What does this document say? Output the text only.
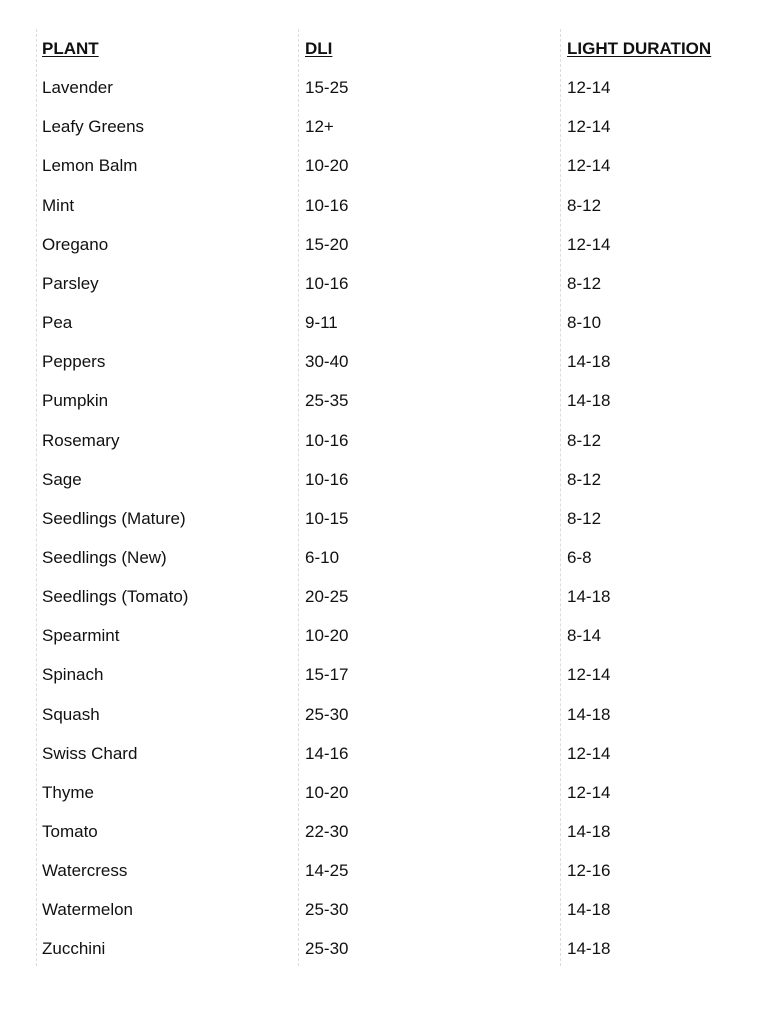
PLANT	DLI	LIGHT DURATION
Lavender	15-25	12-14
Leafy Greens	12+	12-14
Lemon Balm	10-20	12-14
Mint	10-16	8-12
Oregano	15-20	12-14
Parsley	10-16	8-12
Pea	9-11	8-10
Peppers	30-40	14-18
Pumpkin	25-35	14-18
Rosemary	10-16	8-12
Sage	10-16	8-12
Seedlings (Mature)	10-15	8-12
Seedlings (New)	6-10	6-8
Seedlings (Tomato)	20-25	14-18
Spearmint	10-20	8-14
Spinach	15-17	12-14
Squash	25-30	14-18
Swiss Chard	14-16	12-14
Thyme	10-20	12-14
Tomato	22-30	14-18
Watercress	14-25	12-16
Watermelon	25-30	14-18
Zucchini	25-30	14-18
